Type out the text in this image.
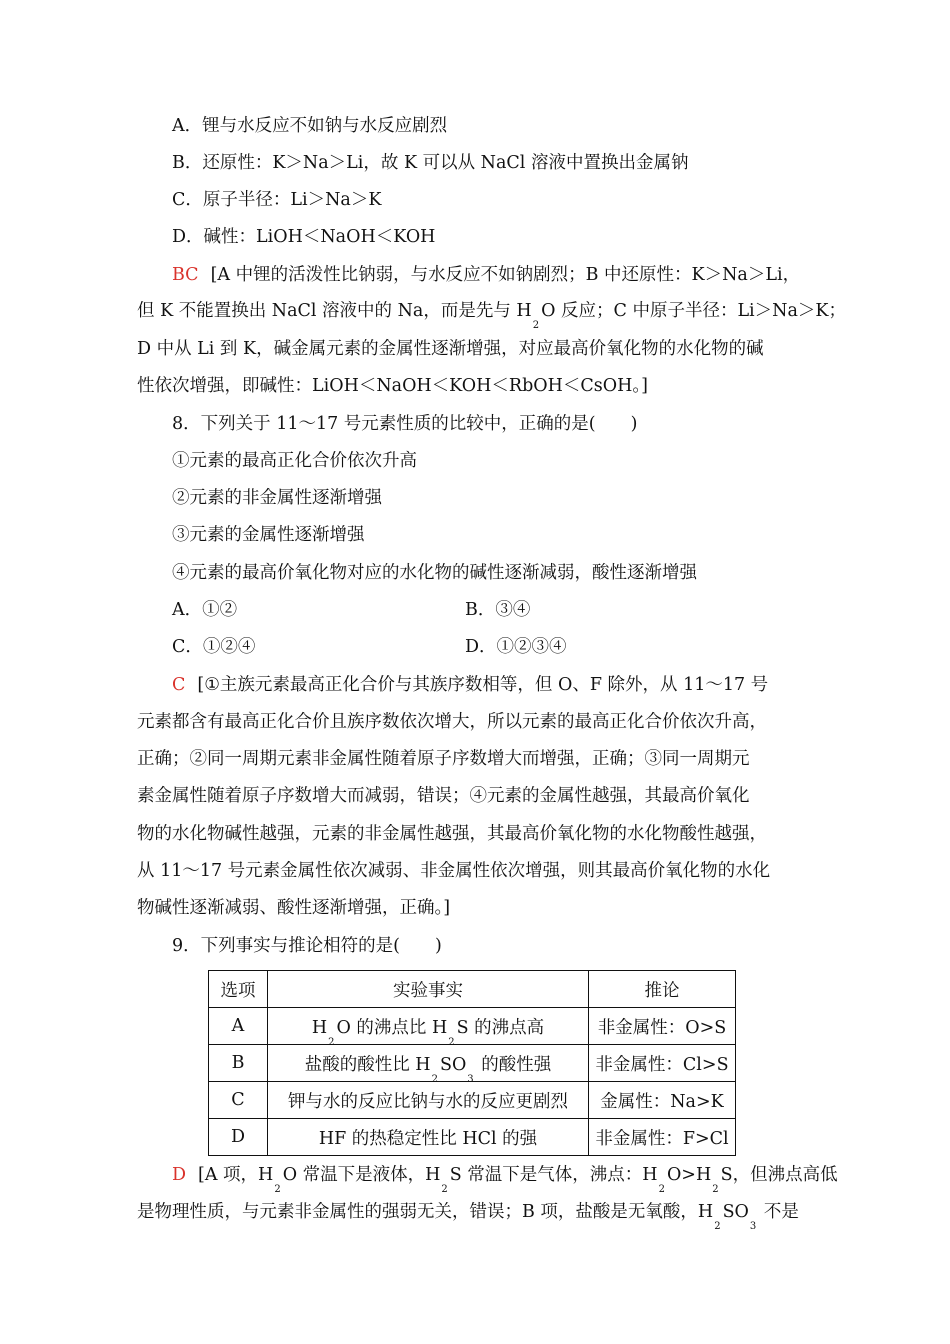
A．锂与水反应不如钠与水反应剧烈
B．还原性：K＞Na＞Li，故 K 可以从 NaCl 溶液中置换出金属钠
C．原子半径：Li＞Na＞K
D．碱性：LiOH＜NaOH＜KOH
BC [A 中锂的活泼性比钠弱，与水反应不如钠剧烈；B 中还原性：K＞Na＞Li，
但 K 不能置换出 NaCl 溶液中的 Na，而是先与 $H_2O$ 反应；C 中原子半径：Li＞Na＞K；
D 中从 Li 到 K，碱金属元素的金属性逐渐增强，对应最高价氧化物的水化物的碱
性依次增强，即碱性：LiOH＜NaOH＜KOH＜RbOH＜CsOH。]
8．下列关于 11～17 号元素性质的比较中，正确的是(　　)
①元素的最高正化合价依次升高
②元素的非金属性逐渐增强
③元素的金属性逐渐增强
④元素的最高价氧化物对应的水化物的碱性逐渐减弱，酸性逐渐增强
A．①②	B．③④
C．①②④	D．①②③④
C [①主族元素最高正化合价与其族序数相等，但 O、F 除外，从 11～17 号
元素都含有最高正化合价且族序数依次增大，所以元素的最高正化合价依次升高，
正确；②同一周期元素非金属性随着原子序数增大而增强，正确；③同一周期元
素金属性随着原子序数增大而减弱，错误；④元素的金属性越强，其最高价氧化
物的水化物碱性越强，元素的非金属性越强，其最高价氧化物的水化物酸性越强，
从 11～17 号元素金属性依次减弱、非金属性依次增强，则其最高价氧化物的水化
物碱性逐渐减弱、酸性逐渐增强，正确。]
9．下列事实与推论相符的是(　　)
选项	实验事实	推论
A	$H_2O$ 的沸点比 $H_2S$ 的沸点高	非金属性：O>S
B	盐酸的酸性比 $H_2SO_3$ 的酸性强	非金属性：Cl>S
C	钾与水的反应比钠与水的反应更剧烈	金属性：Na>K
D	HF 的热稳定性比 HCl 的强	非金属性：F>Cl
D [A 项，$H_2O$ 常温下是液体，$H_2S$ 常温下是气体，沸点：$H_2O>H_2S$，但沸点高低
是物理性质，与元素非金属性的强弱无关，错误；B 项，盐酸是无氧酸，$H_2SO_3$ 不是
